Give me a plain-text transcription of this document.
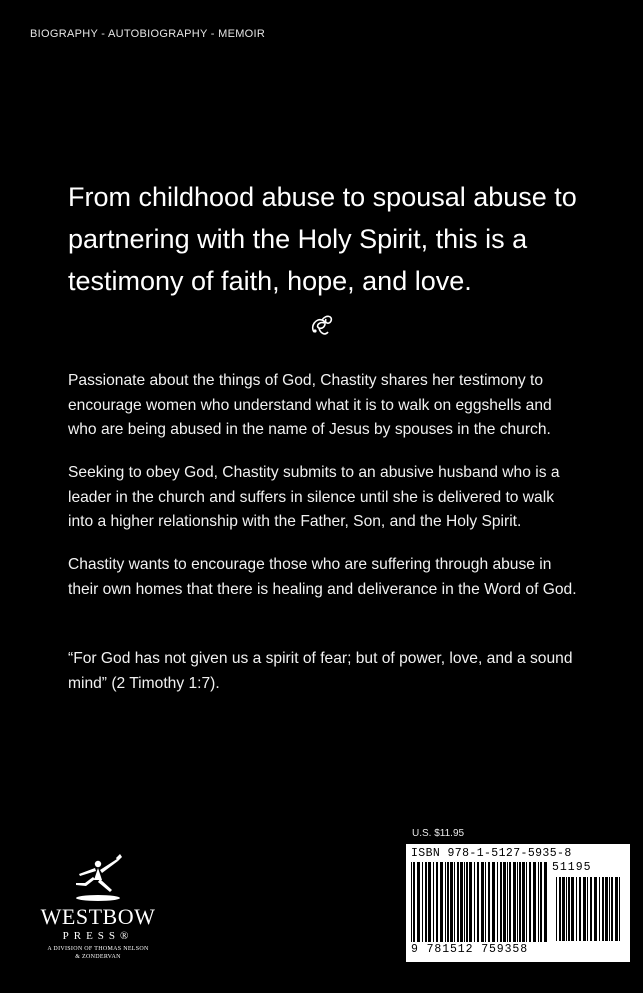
BIOGRAPHY - AUTOBIOGRAPHY - MEMOIR
From childhood abuse to spousal abuse to partnering with the Holy Spirit, this is a testimony of faith, hope, and love.

Passionate about the things of God, Chastity shares her testimony to encourage women who understand what it is to walk on eggshells and who are being abused in the name of Jesus by spouses in the church.

Seeking to obey God, Chastity submits to an abusive husband who is a leader in the church and suffers in silence until she is delivered to walk into a higher relationship with the Father, Son, and the Holy Spirit.

Chastity wants to encourage those who are suffering through abuse in their own homes that there is healing and deliverance in the Word of God.

“For God has not given us a spirit of fear; but of power, love, and a sound mind” (2 Timothy 1:7).

WESTBOW
PRESS®
A DIVISION OF THOMAS NELSON
& ZONDERVAN
U.S. $11.95
ISBN 978-1-5127-5935-8
51195
9 781512 759358
